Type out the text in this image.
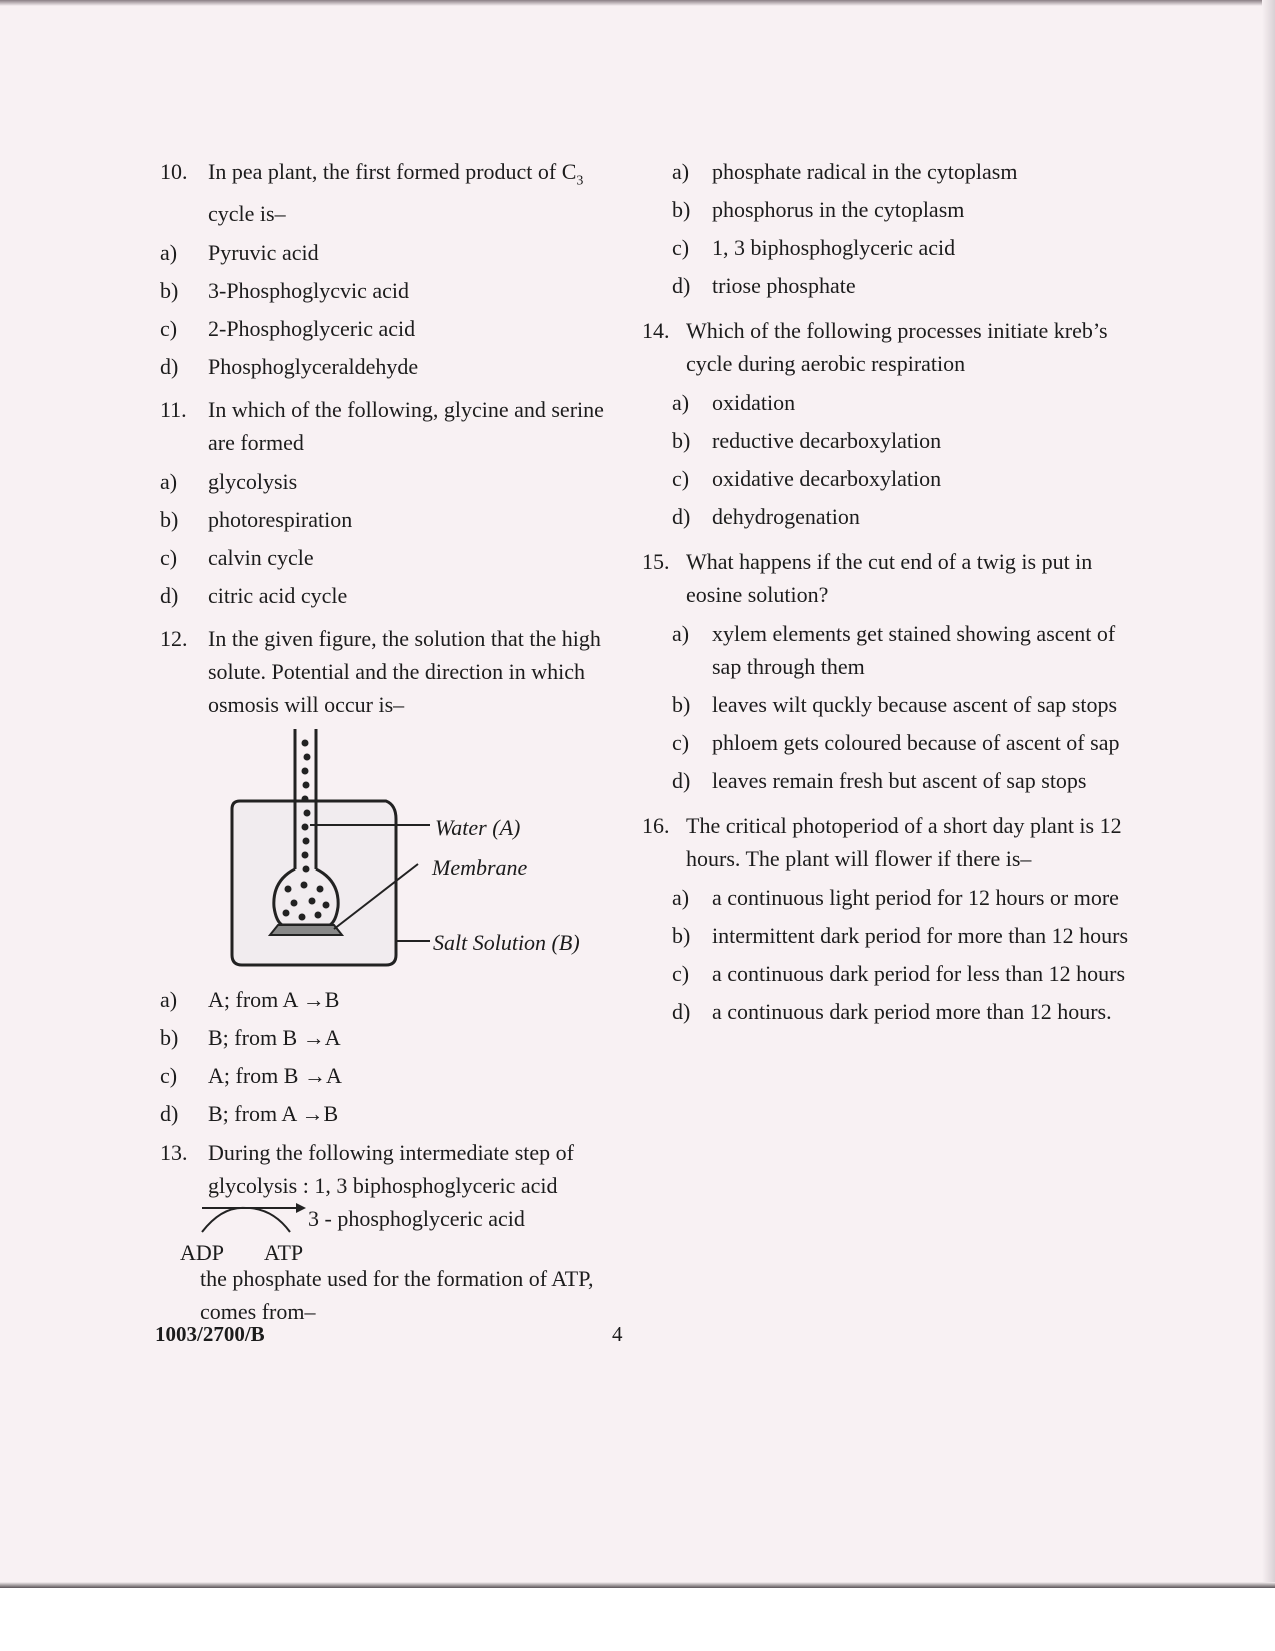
10. In pea plant, the first formed product of $C_3$
cycle is–
a) Pyruvic acid
b) 3-Phosphoglycvic acid
c) 2-Phosphoglyceric acid
d) Phosphoglyceraldehyde
11. In which of the following, glycine and serine are formed
a) glycolysis
b) photorespiration
c) calvin cycle
d) citric acid cycle
12. In the given figure, the solution that the high solute. Potential and the direction in which osmosis will occur is–
Water (A)
Membrane
Salt Solution (B)
a) A; from A →B
b) B; from B →A
c) A; from B →A
d) B; from A →B
13. During the following intermediate step of glycolysis : 1, 3 biphosphoglyceric acid
3 - phosphoglyceric acid
ADP ATP
the phosphate used for the formation of ATP, comes from–
a) phosphate radical in the cytoplasm
b) phosphorus in the cytoplasm
c) 1, 3 biphosphoglyceric acid
d) triose phosphate
14. Which of the following processes initiate kreb’s cycle during aerobic respiration
a) oxidation
b) reductive decarboxylation
c) oxidative decarboxylation
d) dehydrogenation
15. What happens if the cut end of a twig is put in eosine solution?
a) xylem elements get stained showing ascent of sap through them
b) leaves wilt quckly because ascent of sap stops
c) phloem gets coloured because of ascent of sap
d) leaves remain fresh but ascent of sap stops
16. The critical photoperiod of a short day plant is 12 hours. The plant will flower if there is–
a) a continuous light period for 12 hours or more
b) intermittent dark period for more than 12 hours
c) a continuous dark period for less than 12 hours
d) a continuous dark period more than 12 hours.
1003/2700/B	4
